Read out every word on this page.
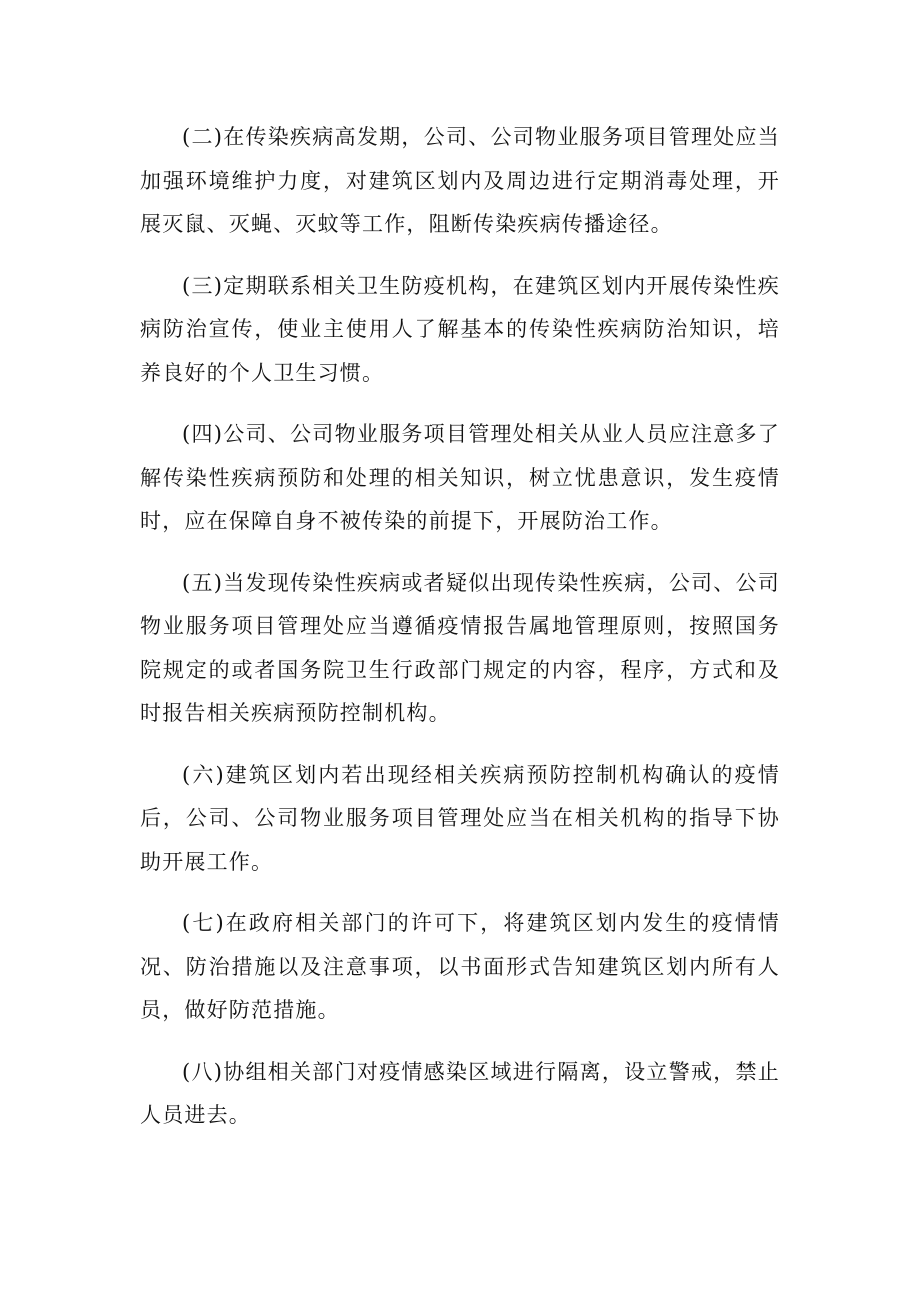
(二)在传染疾病高发期，公司、公司物业服务项目管理处应当加强环境维护力度，对建筑区划内及周边进行定期消毒处理，开展灭鼠、灭蝇、灭蚊等工作，阻断传染疾病传播途径。

(三)定期联系相关卫生防疫机构，在建筑区划内开展传染性疾病防治宣传，使业主使用人了解基本的传染性疾病防治知识，培养良好的个人卫生习惯。

(四)公司、公司物业服务项目管理处相关从业人员应注意多了解传染性疾病预防和处理的相关知识，树立忧患意识，发生疫情时，应在保障自身不被传染的前提下，开展防治工作。

(五)当发现传染性疾病或者疑似出现传染性疾病，公司、公司物业服务项目管理处应当遵循疫情报告属地管理原则，按照国务院规定的或者国务院卫生行政部门规定的内容，程序，方式和及时报告相关疾病预防控制机构。

(六)建筑区划内若出现经相关疾病预防控制机构确认的疫情后，公司、公司物业服务项目管理处应当在相关机构的指导下协助开展工作。

(七)在政府相关部门的许可下，将建筑区划内发生的疫情情况、防治措施以及注意事项，以书面形式告知建筑区划内所有人员，做好防范措施。

(八)协组相关部门对疫情感染区域进行隔离，设立警戒，禁止人员进去。
